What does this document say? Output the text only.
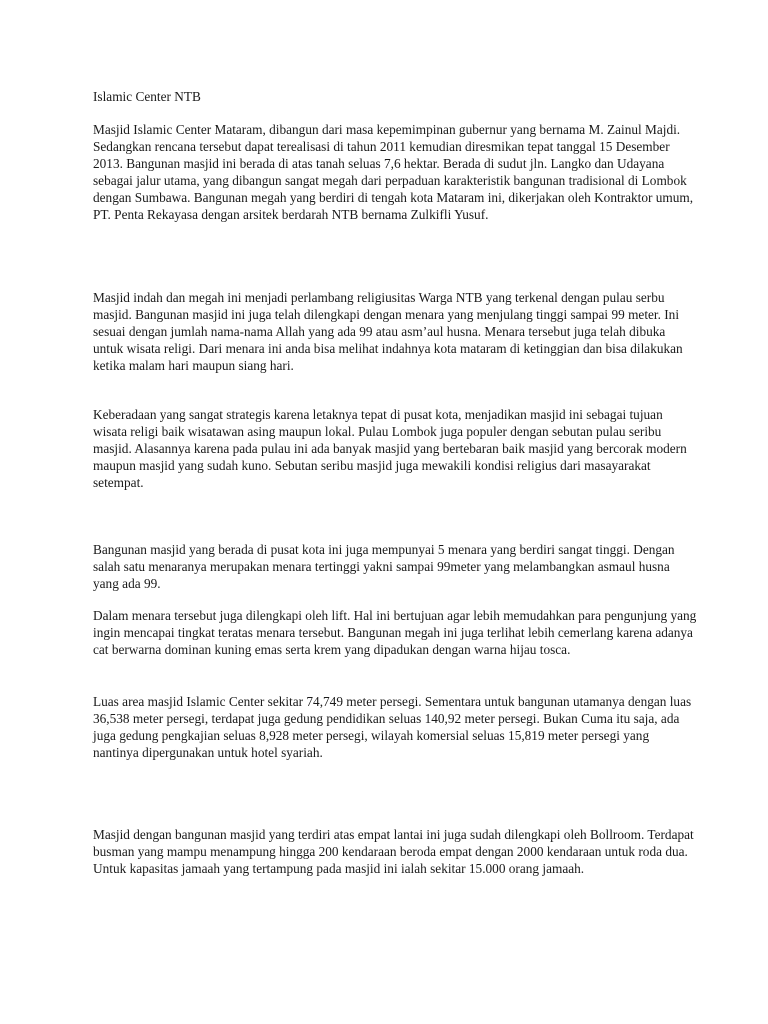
Islamic Center NTB

Masjid Islamic Center Mataram, dibangun dari masa kepemimpinan gubernur yang bernama M. Zainul Majdi. Sedangkan rencana tersebut dapat terealisasi di tahun 2011 kemudian diresmikan tepat tanggal 15 Desember 2013. Bangunan masjid ini berada di atas tanah seluas 7,6 hektar. Berada di sudut jln. Langko dan Udayana sebagai jalur utama, yang dibangun sangat megah dari perpaduan karakteristik bangunan tradisional di Lombok dengan Sumbawa. Bangunan megah yang berdiri di tengah kota Mataram ini, dikerjakan oleh Kontraktor umum, PT. Penta Rekayasa dengan arsitek berdarah NTB bernama Zulkifli Yusuf.

Masjid indah dan megah ini menjadi perlambang religiusitas Warga NTB yang terkenal dengan pulau serbu masjid. Bangunan masjid ini juga telah dilengkapi dengan menara yang menjulang tinggi sampai 99 meter. Ini sesuai dengan jumlah nama-nama Allah yang ada 99 atau asm’aul husna. Menara tersebut juga telah dibuka untuk wisata religi. Dari menara ini anda bisa melihat indahnya kota mataram di ketinggian dan bisa dilakukan ketika malam hari maupun siang hari.

Keberadaan yang sangat strategis karena letaknya tepat di pusat kota, menjadikan masjid ini sebagai tujuan wisata religi baik wisatawan asing maupun lokal. Pulau Lombok juga populer dengan sebutan pulau seribu masjid. Alasannya karena pada pulau ini ada banyak masjid yang bertebaran baik masjid yang bercorak modern maupun masjid yang sudah kuno. Sebutan seribu masjid juga mewakili kondisi religius dari masayarakat setempat.

Bangunan masjid yang berada di pusat kota ini juga mempunyai 5 menara yang berdiri sangat tinggi. Dengan salah satu menaranya merupakan menara tertinggi yakni sampai 99meter yang melambangkan asmaul husna yang ada 99.

Dalam menara tersebut juga dilengkapi oleh lift. Hal ini bertujuan agar lebih memudahkan para pengunjung yang ingin mencapai tingkat teratas menara tersebut. Bangunan megah ini juga terlihat lebih cemerlang karena adanya cat berwarna dominan kuning emas serta krem yang dipadukan dengan warna hijau tosca.

Luas area masjid Islamic Center sekitar 74,749 meter persegi. Sementara untuk bangunan utamanya dengan luas 36,538 meter persegi, terdapat juga gedung pendidikan seluas 140,92 meter persegi. Bukan Cuma itu saja, ada juga gedung pengkajian seluas 8,928 meter persegi, wilayah komersial seluas 15,819 meter persegi yang nantinya dipergunakan untuk hotel syariah.

Masjid dengan bangunan masjid yang terdiri atas empat lantai ini juga sudah dilengkapi oleh Bollroom. Terdapat busman yang mampu menampung hingga 200 kendaraan beroda empat dengan 2000 kendaraan untuk roda dua. Untuk kapasitas jamaah yang tertampung pada masjid ini ialah sekitar 15.000 orang jamaah.
